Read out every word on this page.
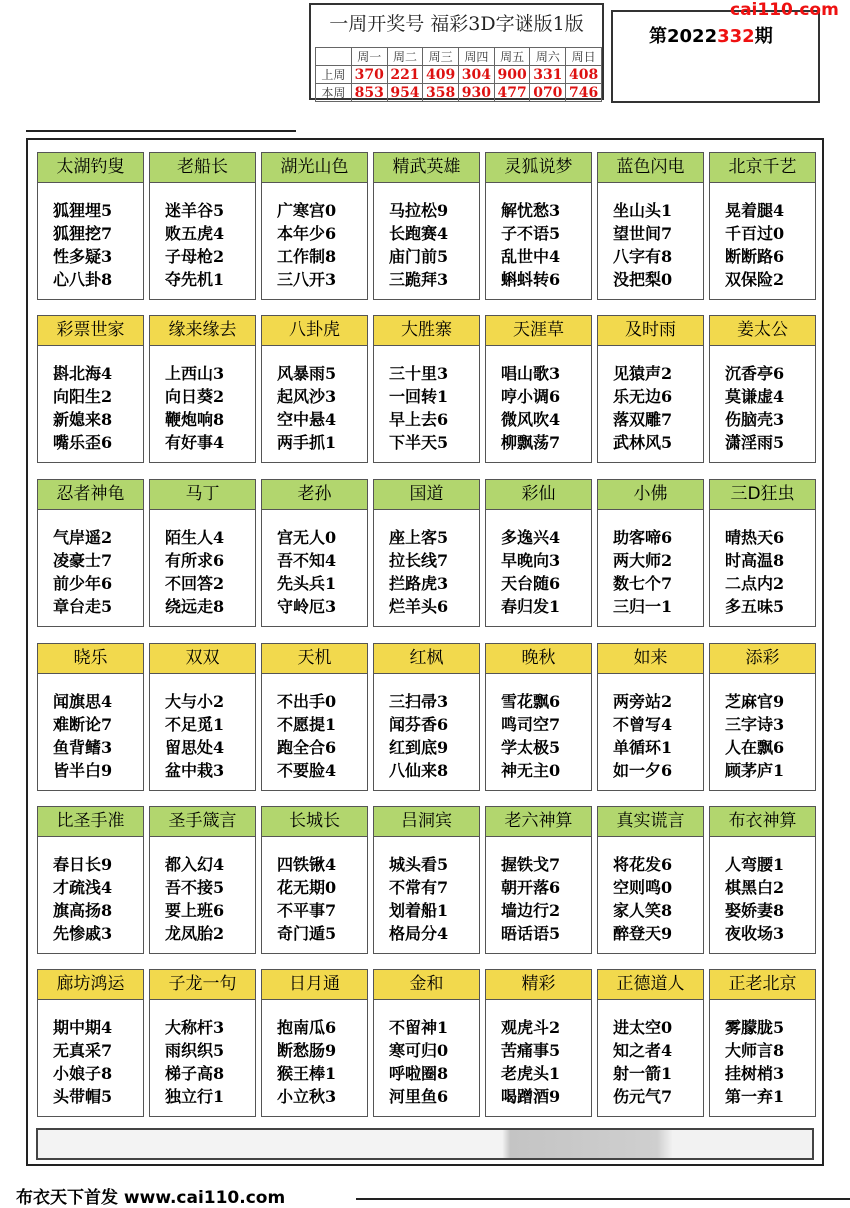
一周开奖号 福彩3D字谜版1版
	周一	周二	周三	周四	周五	周六	周日
上周	370	221	409	304	900	331	408
本周	853	954	358	930	477	070	746
第2022332期
cai110.com
太湖钓叟
狐狸埋5
狐狸挖7
性多疑3
心八卦8
老船长
迷羊谷5
败五虎4
子母枪2
夺先机1
湖光山色
广寒宫0
本年少6
工作制8
三八开3
精武英雄
马拉松9
长跑赛4
庙门前5
三跪拜3
灵狐说梦
解忧愁3
子不语5
乱世中4
蝌蚪转6
蓝色闪电
坐山头1
望世间7
八字有8
没把梨0
北京千艺
晃着腿4
千百过0
断断路6
双保险2
彩票世家
斟北海4
向阳生2
新媳来8
嘴乐歪6
缘来缘去
上西山3
向日葵2
鞭炮响8
有好事4
八卦虎
风暴雨5
起风沙3
空中悬4
两手抓1
大胜寨
三十里3
一回转1
早上去6
下半天5
天涯草
唱山歌3
哼小调6
微风吹4
柳飘荡7
及时雨
见猿声2
乐无边6
落双雕7
武林风5
姜太公
沉香亭6
莫谦虚4
伤脑壳3
潇淫雨5
忍者神龟
气岸遥2
凌豪士7
前少年6
章台走5
马丁
陌生人4
有所求6
不回答2
绕远走8
老孙
宫无人0
吾不知4
先头兵1
守岭厄3
国道
座上客5
拉长线7
拦路虎3
烂羊头6
彩仙
多逸兴4
早晚向3
天台随6
春归发1
小佛
助客啼6
两大师2
数七个7
三归一1
三D狂虫
晴热天6
时高温8
二点内2
多五味5
晓乐
闻旗思4
难断论7
鱼背鳍3
皆半白9
双双
大与小2
不足觅1
留思处4
盆中栽3
天机
不出手0
不愿提1
跑全合6
不要脸4
红枫
三扫帚3
闻芬香6
红到底9
八仙来8
晚秋
雪花飘6
鸣司空7
学太极5
神无主0
如来
两旁站2
不曾写4
单循环1
如一夕6
添彩
芝麻官9
三字诗3
人在飘6
顾茅庐1
比圣手准
春日长9
才疏浅4
旗高扬8
先惨戚3
圣手箴言
都入幻4
吾不接5
要上班6
龙凤胎2
长城长
四铁锹4
花无期0
不平事7
奇门遁5
吕洞宾
城头看5
不常有7
划着船1
格局分4
老六神算
握铁戈7
朝开落6
墙边行2
晤话语5
真实谎言
将花发6
空则鸣0
家人笑8
醉登天9
布衣神算
人弯腰1
棋黑白2
娶娇妻8
夜收场3
廊坊鸿运
期中期4
无真采7
小娘子8
头带帽5
子龙一句
大称杆3
雨织织5
梯子高8
独立行1
日月通
抱南瓜6
断愁肠9
猴王棒1
小立秋3
金和
不留神1
寒可归0
呼啦圈8
河里鱼6
精彩
观虎斗2
苦痛事5
老虎头1
喝蹭酒9
正德道人
进太空0
知之者4
射一箭1
伤元气7
正老北京
雾朦胧5
大师言8
挂树梢3
第一弃1
布衣天下首发 www.cai110.com
